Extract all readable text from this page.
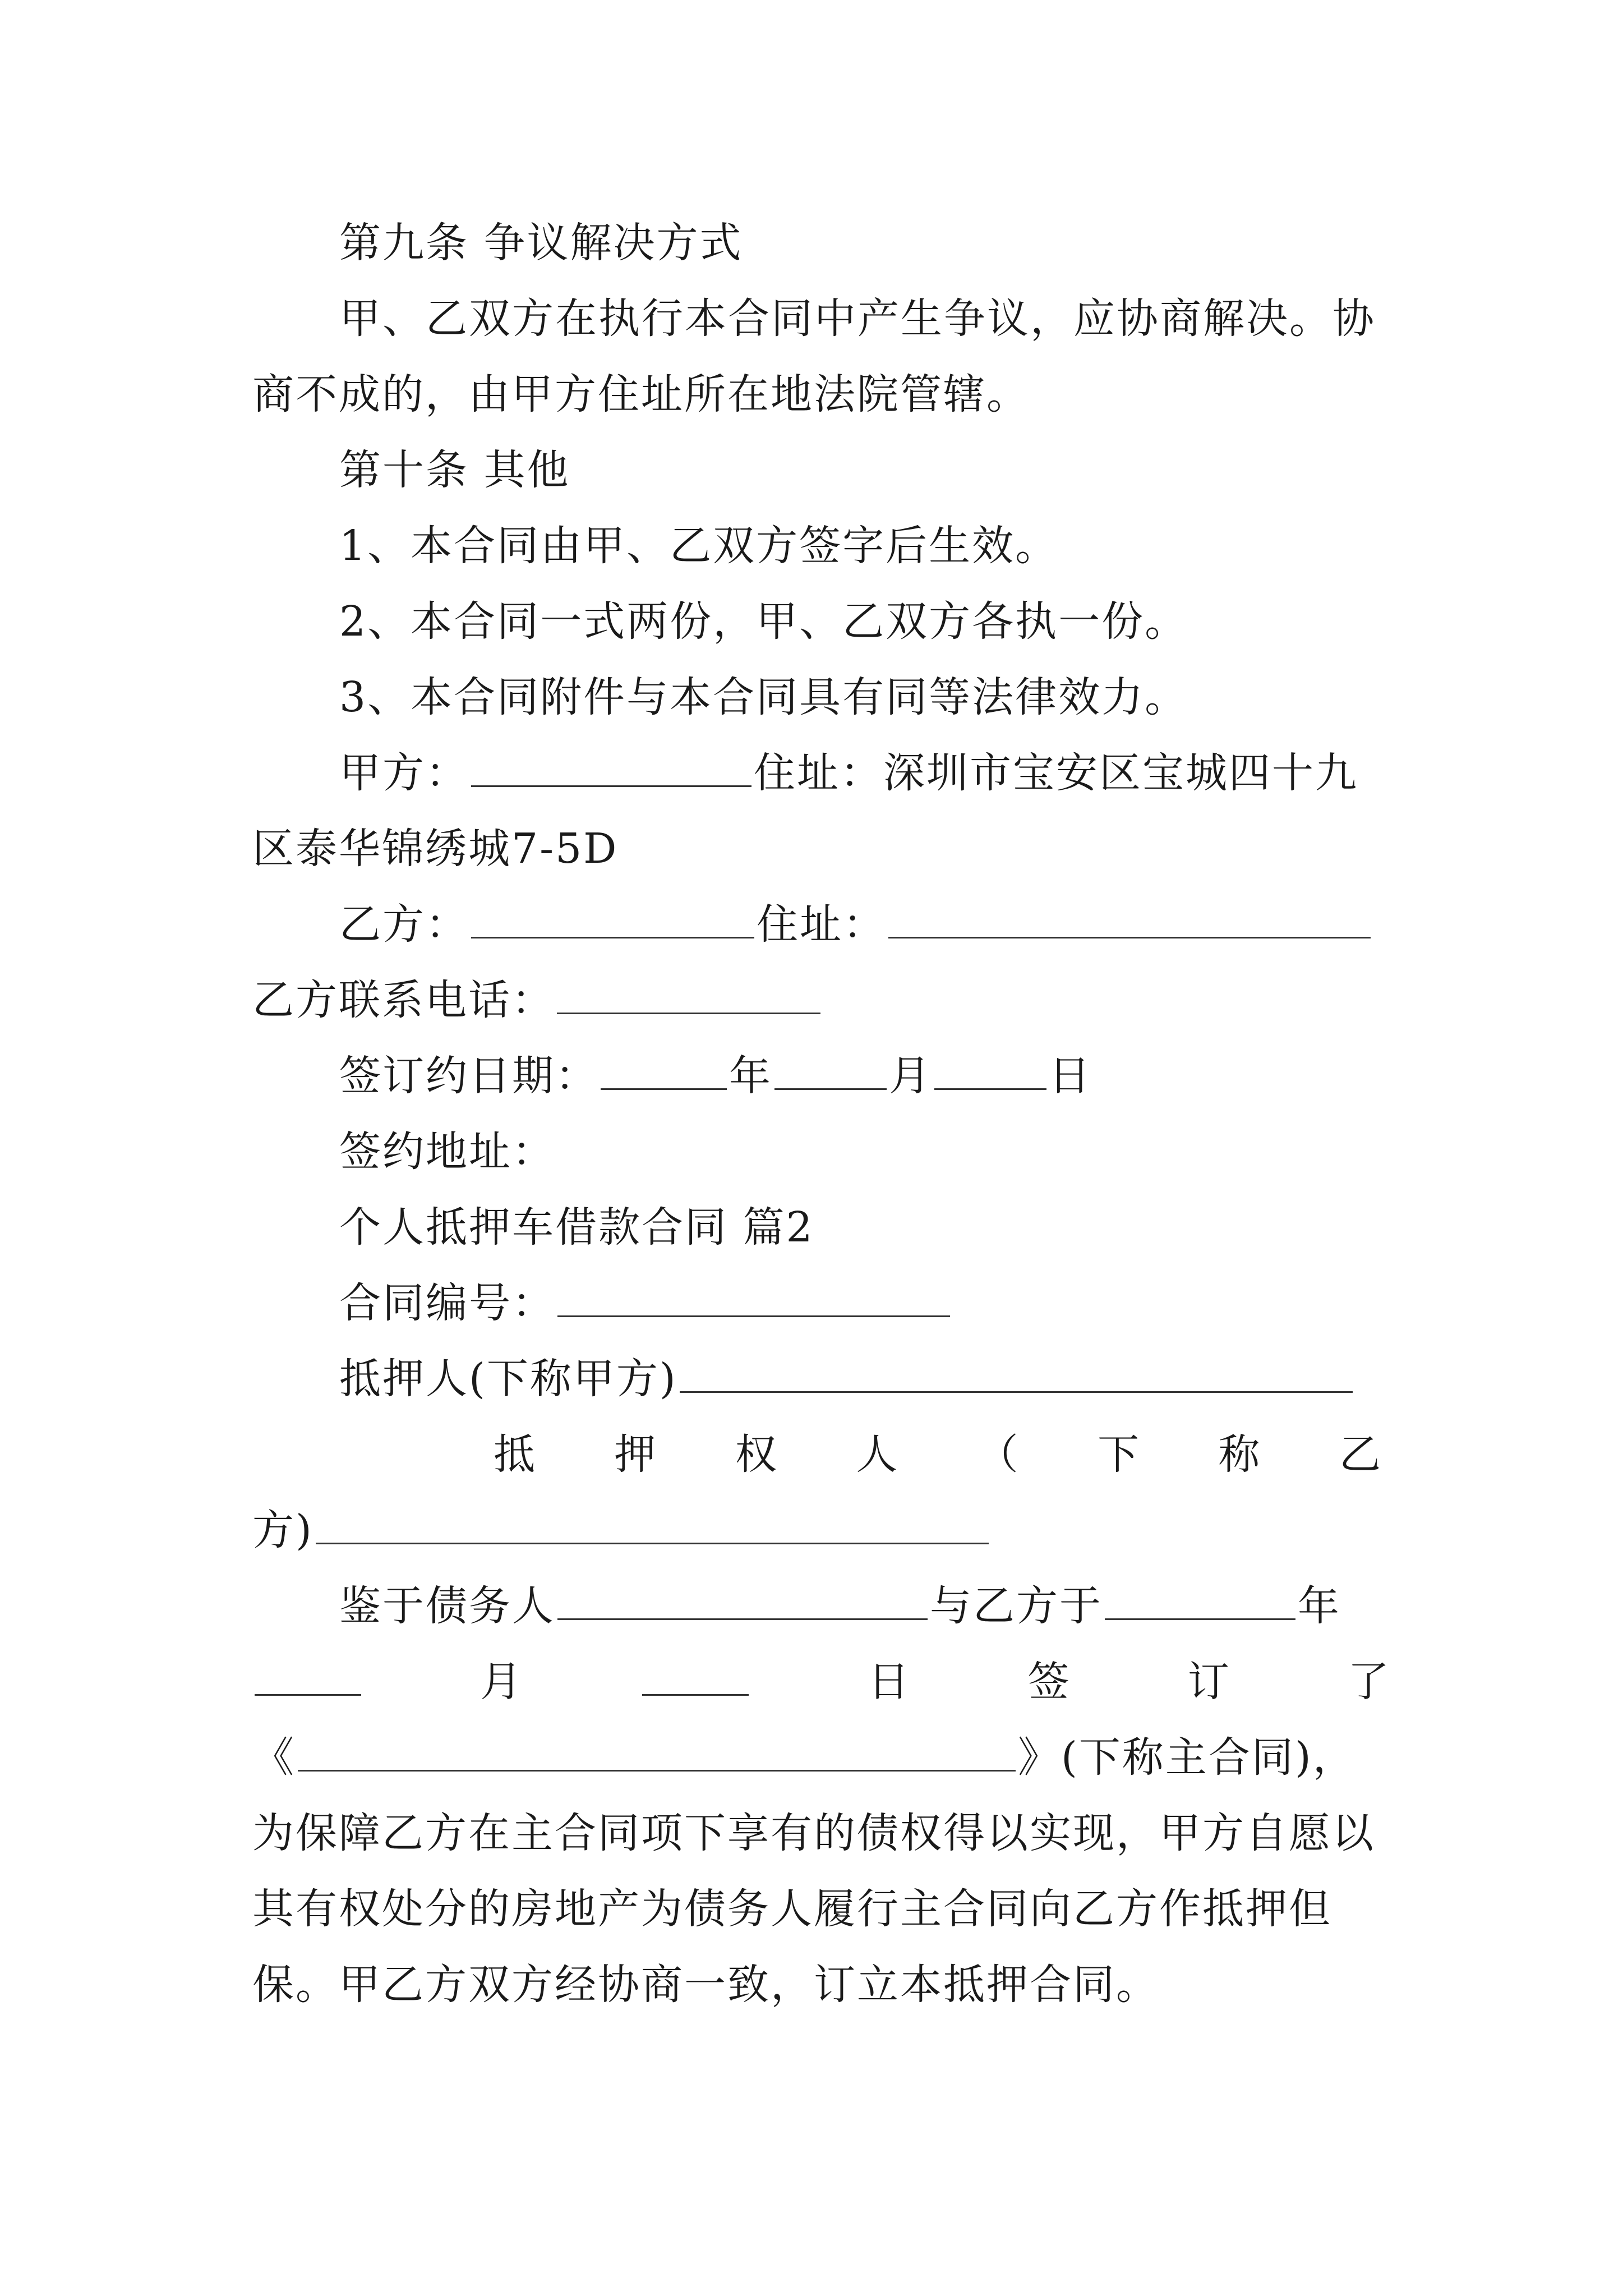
第九条 争议解决方式
甲、乙双方在执行本合同中产生争议，应协商解决。协
商不成的，由甲方住址所在地法院管辖。
第十条 其他
1、本合同由甲、乙双方签字后生效。
2、本合同一式两份，甲、乙双方各执一份。
3、本合同附件与本合同具有同等法律效力。
甲方：	住址：深圳市宝安区宝城四十九
区泰华锦绣城7-5D
乙方：	住址：
乙方联系电话：
签订约日期：	年	月	日
签约地址：
个人抵押车借款合同 篇2
合同编号：
抵押人(下称甲方)
抵 押 权 人 （ 下 称 乙
方)
鉴于债务人	与乙方于	年
月	日	签	订	了
《	》(下称主合同)，
为保障乙方在主合同项下享有的债权得以实现，甲方自愿以
其有权处分的房地产为债务人履行主合同向乙方作抵押但
保。甲乙方双方经协商一致，订立本抵押合同。
